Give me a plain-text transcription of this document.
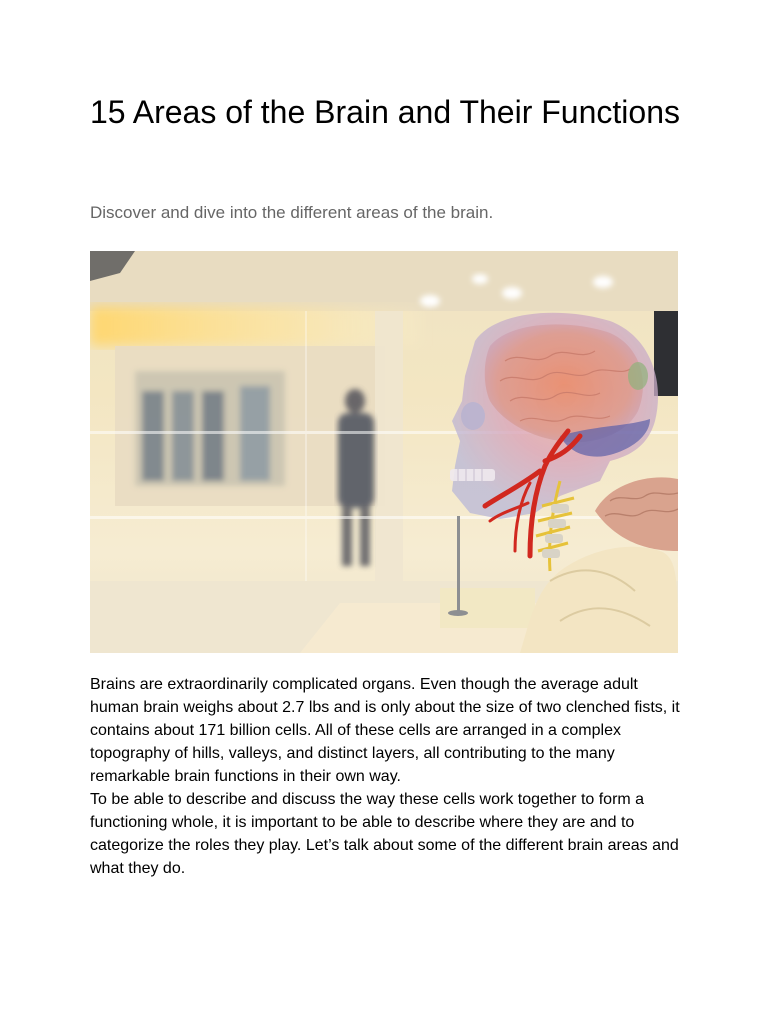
15 Areas of the Brain and Their Functions

Discover and dive into the different areas of the brain.

Brains are extraordinarily complicated organs. Even though the average adult human brain weighs about 2.7 lbs and is only about the size of two clenched fists, it contains about 171 billion cells. All of these cells are arranged in a complex topography of hills, valleys, and distinct layers, all contributing to the many remarkable brain functions in their own way.

To be able to describe and discuss the way these cells work together to form a functioning whole, it is important to be able to describe where they are and to categorize the roles they play. Let’s talk about some of the different brain areas and what they do.
